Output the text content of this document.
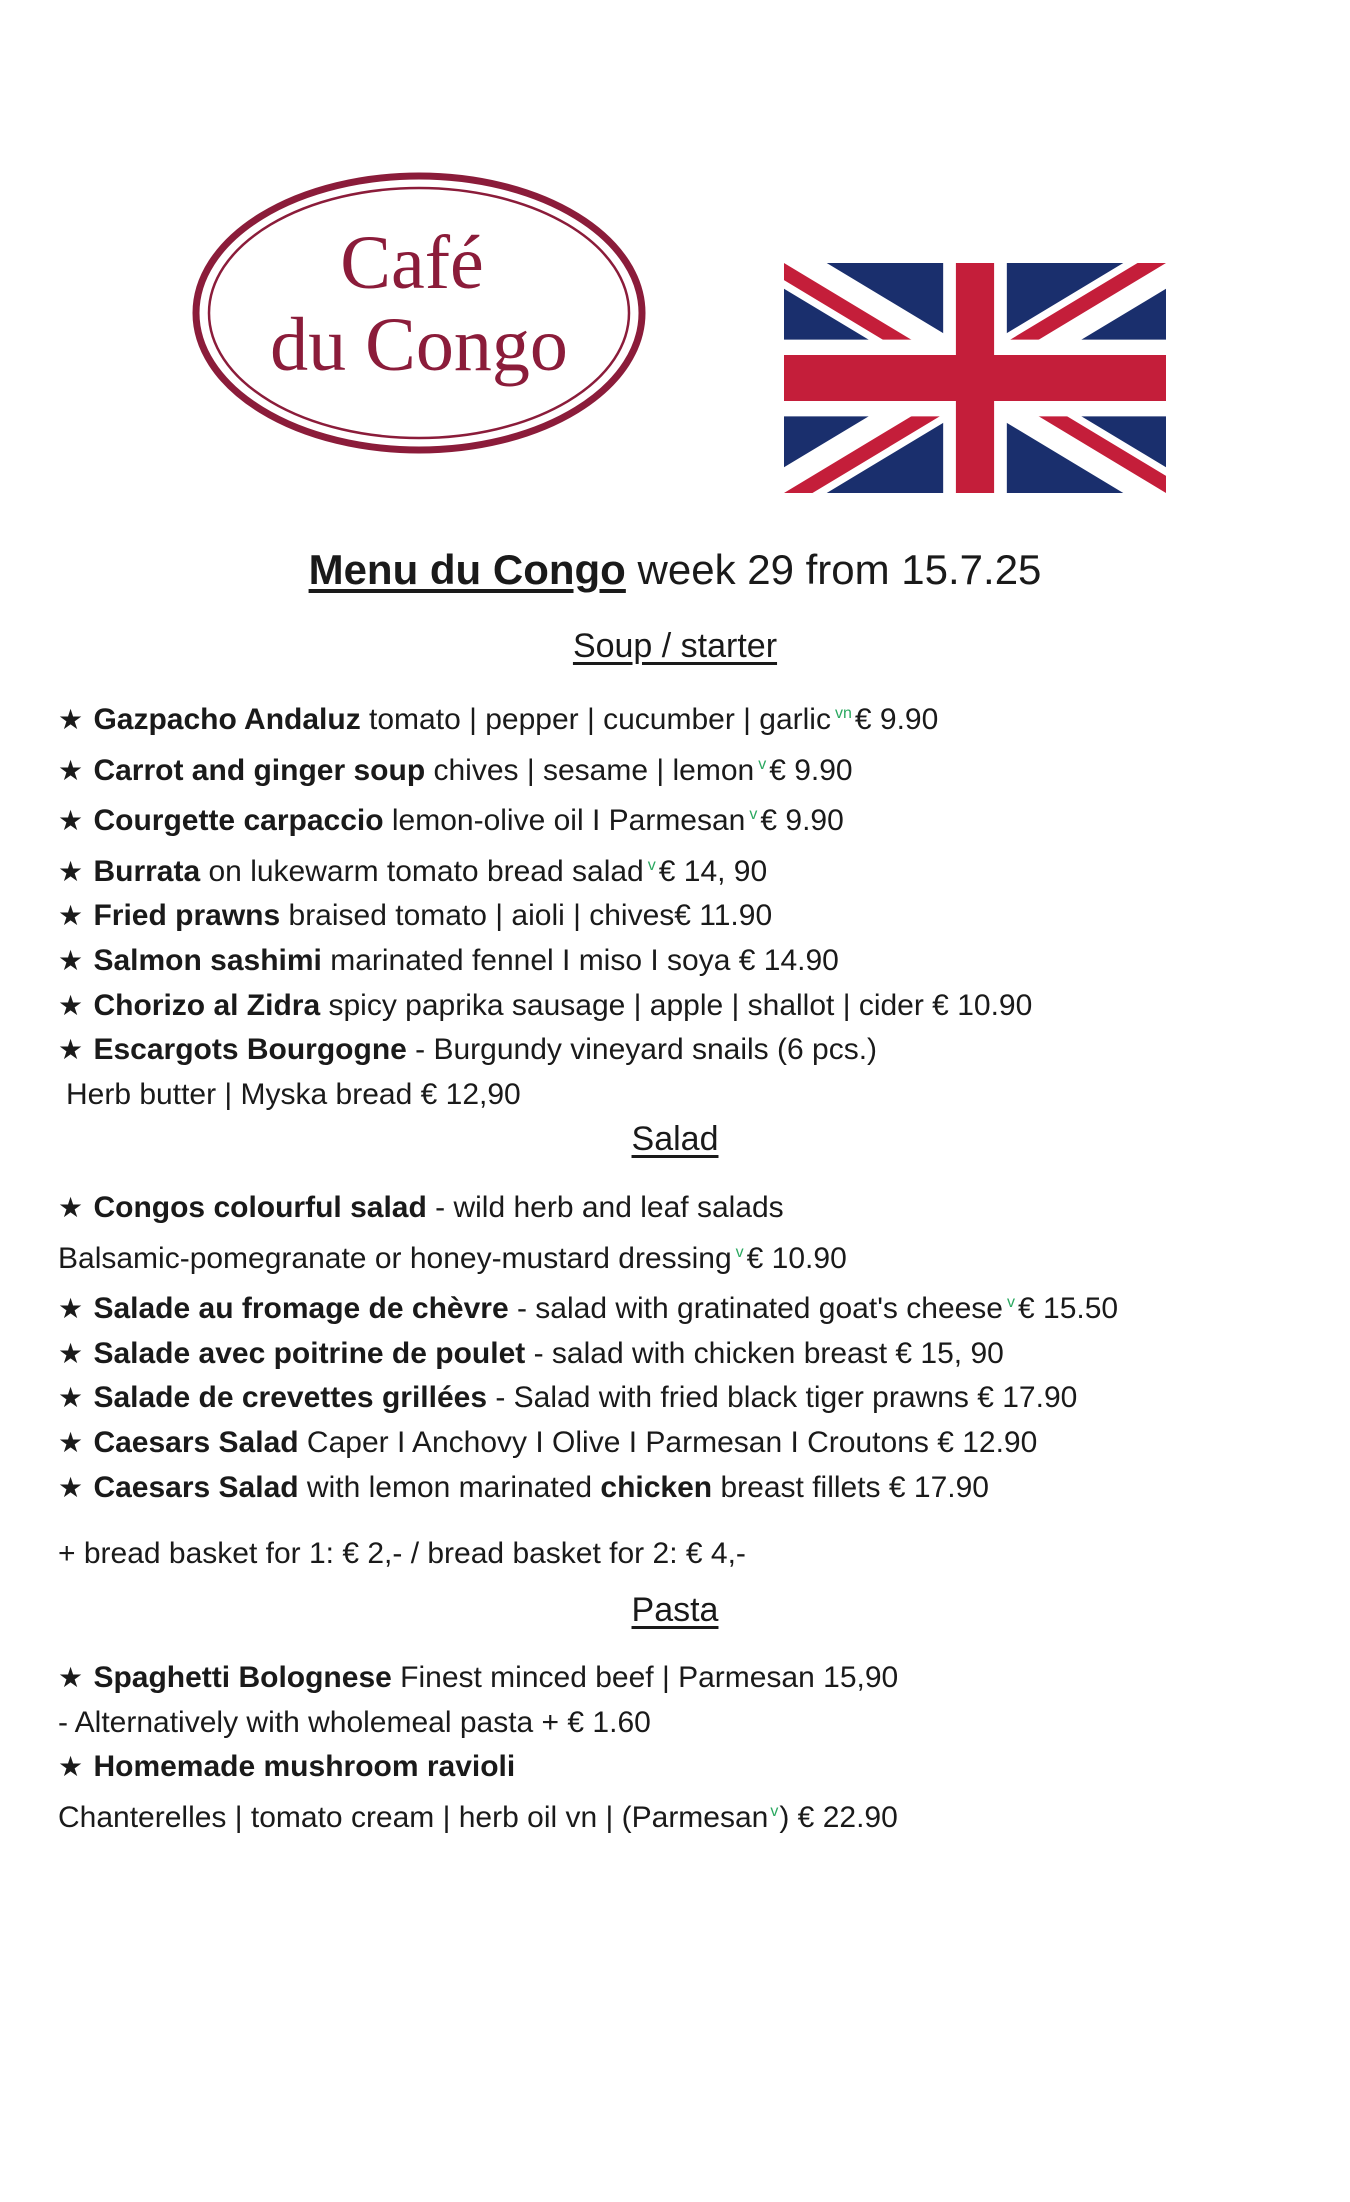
Café
du Congo
Menu du Congo week 29 from 15.7.25
Soup / starter
★ Gazpacho Andaluz tomato | pepper | cucumber | garlic $^{vn}$ € 9.90
★ Carrot and ginger soup chives | sesame | lemon $^v$ € 9.90
★ Courgette carpaccio lemon-olive oil I Parmesan $^v$ € 9.90
★ Burrata on lukewarm tomato bread salad $^v$ € 14, 90
★ Fried prawns braised tomato | aioli | chives€ 11.90
★ Salmon sashimi marinated fennel I miso I soya € 14.90
★ Chorizo al Zidra spicy paprika sausage | apple | shallot | cider € 10.90
★ Escargots Bourgogne - Burgundy vineyard snails (6 pcs.)
Herb butter | Myska bread € 12,90
Salad
★ Congos colourful salad - wild herb and leaf salads
Balsamic-pomegranate or honey-mustard dressing $^v$ € 10.90
★ Salade au fromage de chèvre - salad with gratinated goat's cheese $^v$ € 15.50
★ Salade avec poitrine de poulet - salad with chicken breast € 15, 90
★ Salade de crevettes grillées - Salad with fried black tiger prawns € 17.90
★ Caesars Salad Caper I Anchovy I Olive I Parmesan I Croutons € 12.90
★ Caesars Salad with lemon marinated chicken breast fillets € 17.90
+ bread basket for 1: € 2,- / bread basket for 2: € 4,-
Pasta
★ Spaghetti Bolognese Finest minced beef | Parmesan 15,90
- Alternatively with wholemeal pasta + € 1.60
★ Homemade mushroom ravioli
Chanterelles | tomato cream | herb oil vn | (Parmesan $^v$) € 22.90
